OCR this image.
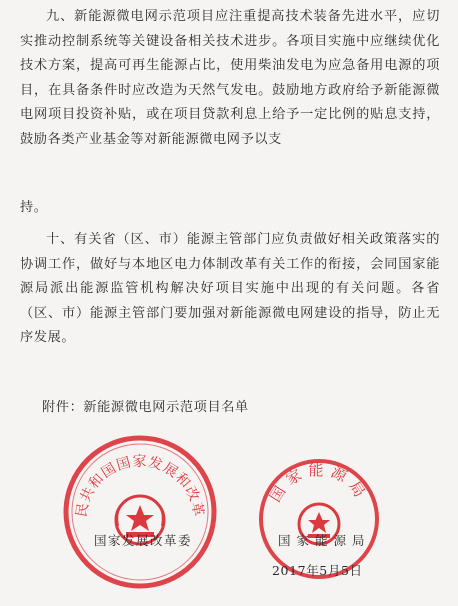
九、新能源微电网示范项目应注重提高技术装备先进水平，应切实推动控制系统等关键设备相关技术进步。各项目实施中应继续优化技术方案，提高可再生能源占比，使用柴油发电为应急备用电源的项目，在具备条件时应改造为天然气发电。鼓励地方政府给予新能源微电网项目投资补贴，或在项目贷款利息上给予一定比例的贴息支持，鼓励各类产业基金等对新能源微电网予以支

持。

十、有关省（区、市）能源主管部门应负责做好相关政策落实的协调工作，做好与本地区电力体制改革有关工作的衔接，会同国家能源局派出能源监管机构解决好项目实施中出现的有关问题。各省（区、市）能源主管部门要加强对新能源微电网建设的指导，防止无序发展。

附件：新能源微电网示范项目名单

民共和国国家发展和改革
国家发展改革委
国家能源局
国家能源局
2017年5月5日
